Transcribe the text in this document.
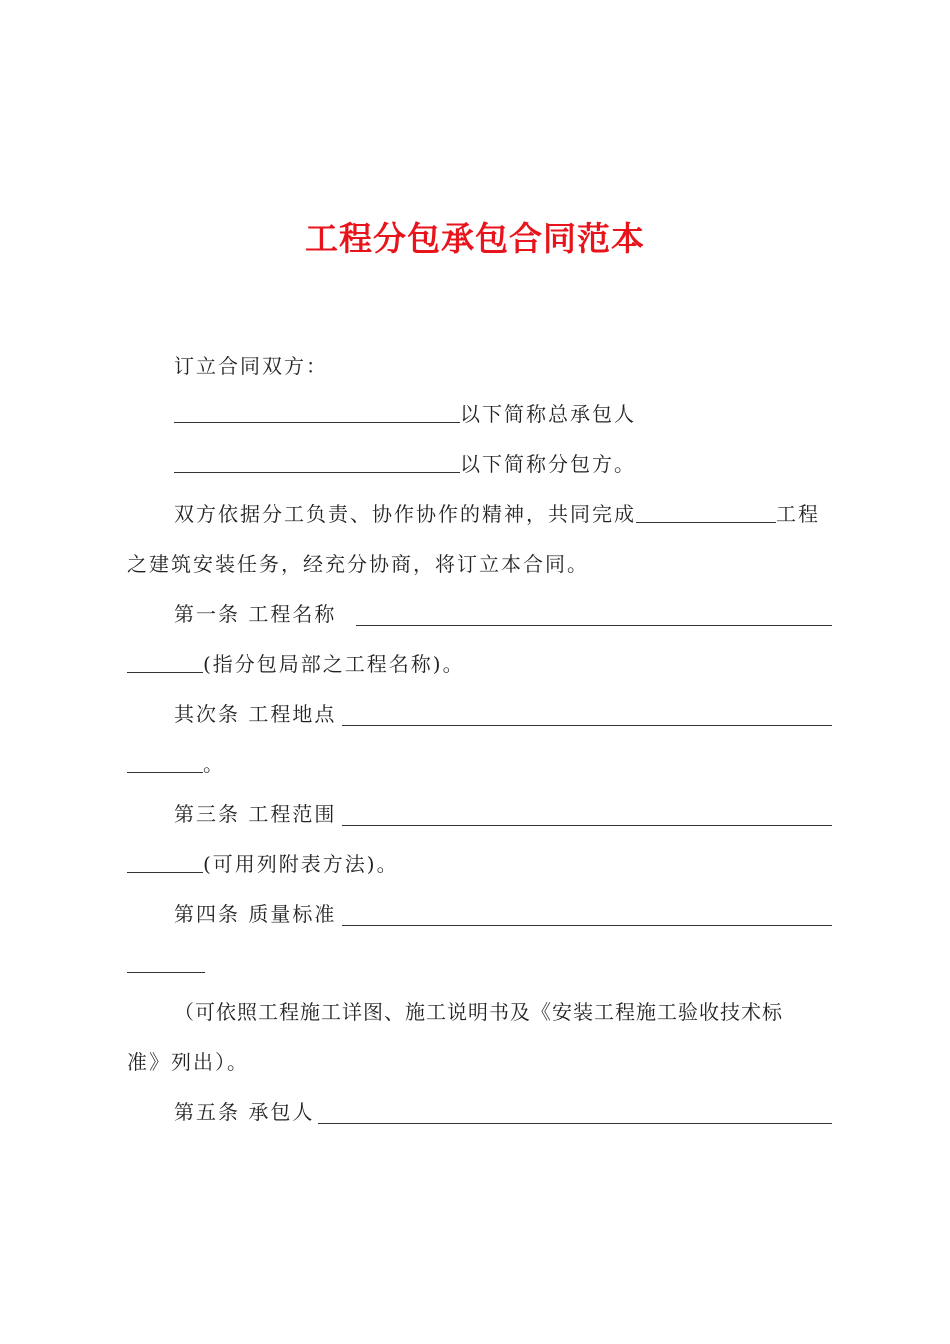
工程分包承包合同范本
订立合同双方：
以下简称总承包人
以下简称分包方。
双方依据分工负责、协作协作的精神，共同完成	工程
之建筑安装任务，经充分协商，将订立本合同。
第一条 工程名称
(指分包局部之工程名称)。
其次条 工程地点
。
第三条 工程范围
(可用列附表方法)。
第四条 质量标准
（可依照工程施工详图、施工说明书及《安装工程施工验收技术标
准》列出）。
第五条 承包人
